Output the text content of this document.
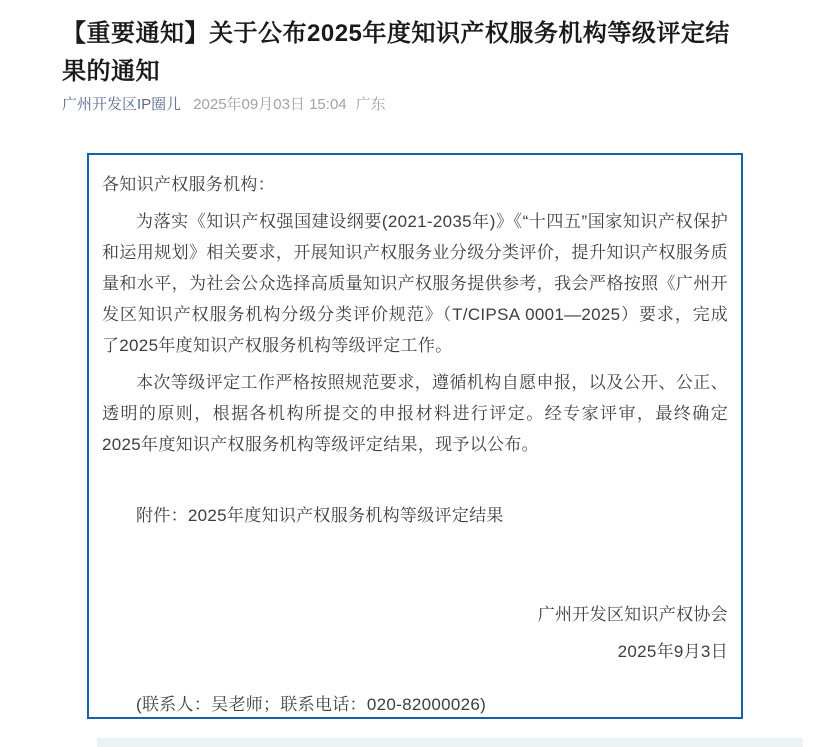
【重要通知】关于公布2025年度知识产权服务机构等级评定结果的通知
广州开发区IP圈儿 2025年09月03日 15:04 广东

各知识产权服务机构：

为落实《知识产权强国建设纲要(2021-2035年)》《“十四五”国家知识产权保护和运用规划》相关要求，开展知识产权服务业分级分类评价，提升知识产权服务质量和水平，为社会公众选择高质量知识产权服务提供参考，我会严格按照《广州开发区知识产权服务机构分级分类评价规范》（T/CIPSA 0001—2025）要求，完成了2025年度知识产权服务机构等级评定工作。

本次等级评定工作严格按照规范要求，遵循机构自愿申报，以及公开、公正、透明的原则，根据各机构所提交的申报材料进行评定。经专家评审，最终确定2025年度知识产权服务机构等级评定结果，现予以公布。

附件：2025年度知识产权服务机构等级评定结果

广州开发区知识产权协会

2025年9月3日

(联系人：吴老师；联系电话：020-82000026)
